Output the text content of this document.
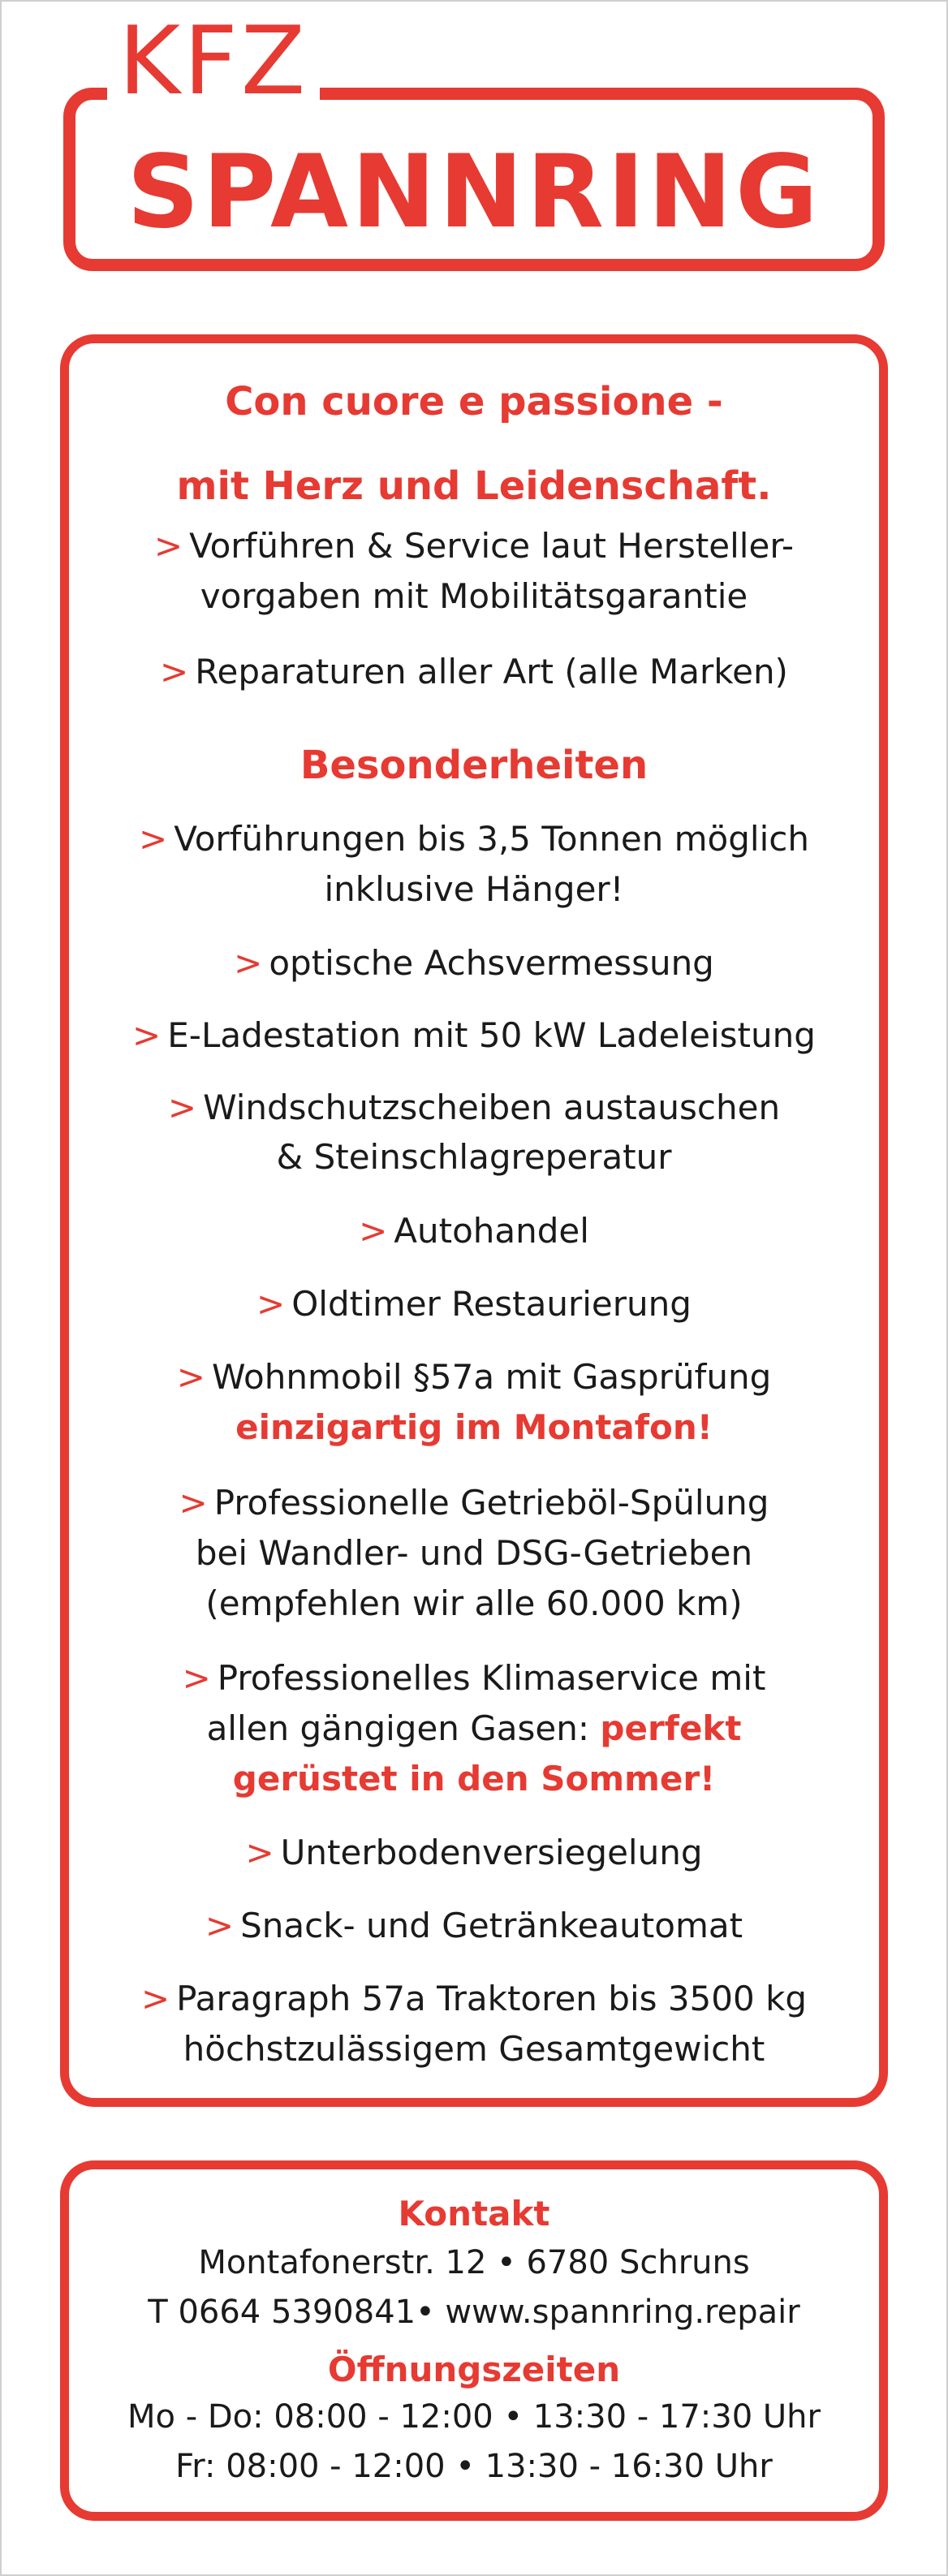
SPANNRING
KFZ
Con cuore e passione -
mit Herz und Leidenschaft.
> Vorführen & Service laut Hersteller-
vorgaben mit Mobilitätsgarantie
> Reparaturen aller Art (alle Marken)
Besonderheiten
> Vorführungen bis 3,5 Tonnen möglich
inklusive Hänger!
> optische Achsvermessung
> E-Ladestation mit 50 kW Ladeleistung
> Windschutzscheiben austauschen
& Steinschlagreperatur
> Autohandel
> Oldtimer Restaurierung
> Wohnmobil §57a mit Gasprüfung
einzigartig im Montafon!
> Professionelle Getrieböl-Spülung
bei Wandler- und DSG-Getrieben
(empfehlen wir alle 60.000 km)
> Professionelles Klimaservice mit
allen gängigen Gasen: perfekt
gerüstet in den Sommer!
> Unterbodenversiegelung
> Snack- und Getränkeautomat
> Paragraph 57a Traktoren bis 3500 kg
höchstzulässigem Gesamtgewicht
Kontakt
Montafonerstr. 12 • 6780 Schruns
T 0664 5390841• www.spannring.repair
Öffnungszeiten
Mo - Do: 08:00 - 12:00 • 13:30 - 17:30 Uhr
Fr: 08:00 - 12:00 • 13:30 - 16:30 Uhr
